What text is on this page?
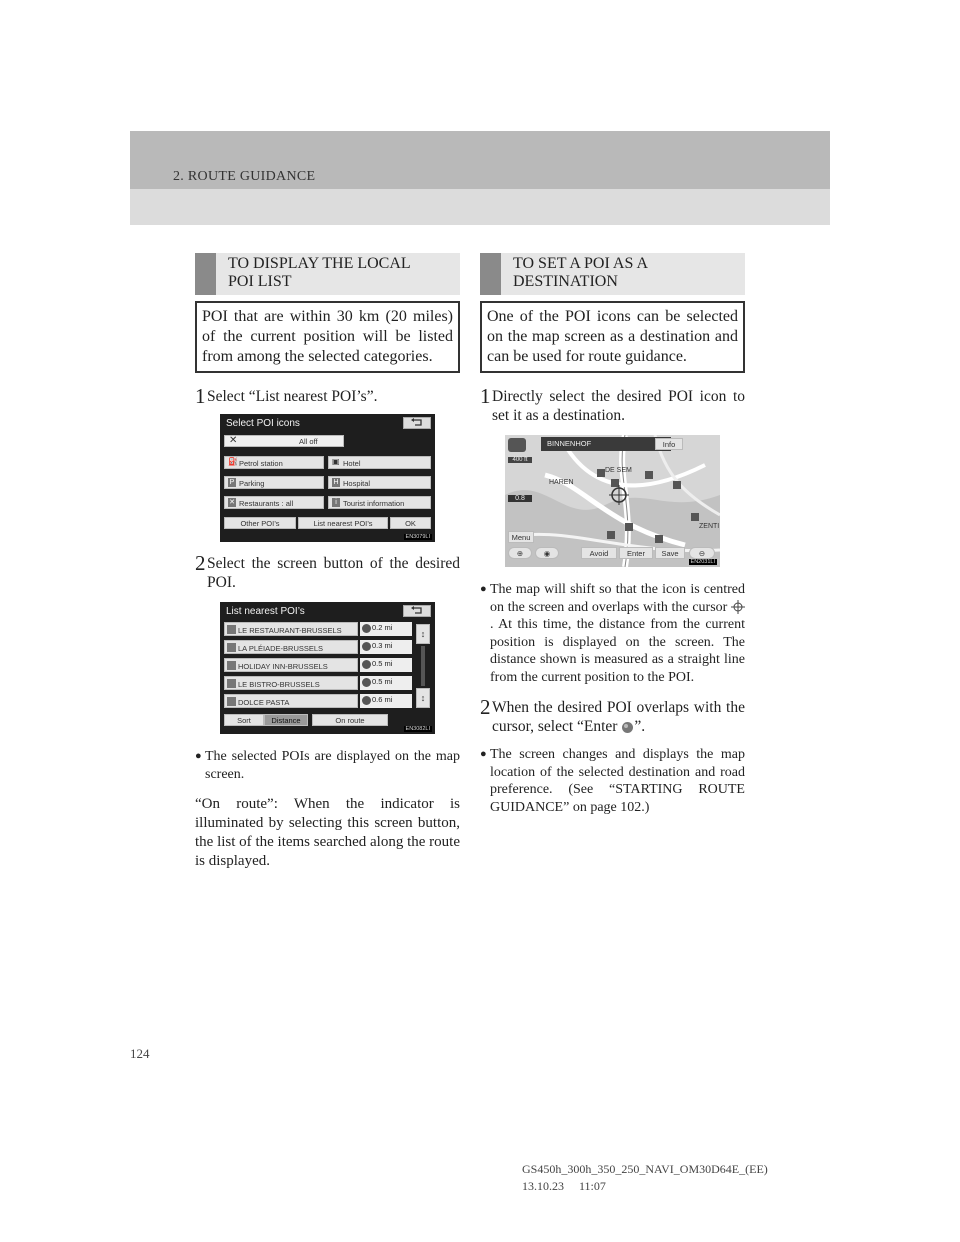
2. ROUTE GUIDANCE
TO DISPLAY THE LOCAL POI LIST
POI that are within 30 km (20 miles) of the current position will be listed from among the selected categories.
1 Select “List nearest POI’s”.
Select POI icons
✕	All off
⛽ Petrol station	▣ Hotel
P Parking	H Hospital
✕ Restaurants : all	i Tourist information
Other POI’s	List nearest POI’s	OK
EN3079LI
2 Select the screen button of the desired POI.
List nearest POI’s
LE RESTAURANT-BRUSSELS	0.2 mi
LA PLÉIADE-BRUSSELS	0.3 mi
HOLIDAY INN-BRUSSELS	0.5 mi
LE BISTRO-BRUSSELS	0.5 mi
DOLCE PASTA	0.6 mi
↕
↕
Sort	Distance	On route
EN3082LI
● The selected POIs are displayed on the map screen.
“On route”: When the indicator is illuminated by selecting this screen button, the list of the items searched along the route is displayed.
TO SET A POI AS A DESTINATION
One of the POI icons can be selected on the map screen as a destination and can be used for route guidance.
1 Directly select the desired POI icon to set it as a destination.
400 ft
0.8
BINNENHOF	Info
HAREN
DE SEM
ZENTI
Menu
⊕	◉	Avoid	Enter	Save	⊖
EN2031LI
● The map will shift so that the icon is centred on the screen and overlaps with the cursor . At this time, the distance from the current position is displayed on the screen. The distance shown is measured as a straight line from the current position to the POI.
2 When the desired POI overlaps with the cursor, select “Enter ”.
● The screen changes and displays the map location of the selected destination and road preference. (See “STARTING ROUTE GUIDANCE” on page 102.)
124
GS450h_300h_350_250_NAVI_OM30D64E_(EE)
13.10.23     11:07
